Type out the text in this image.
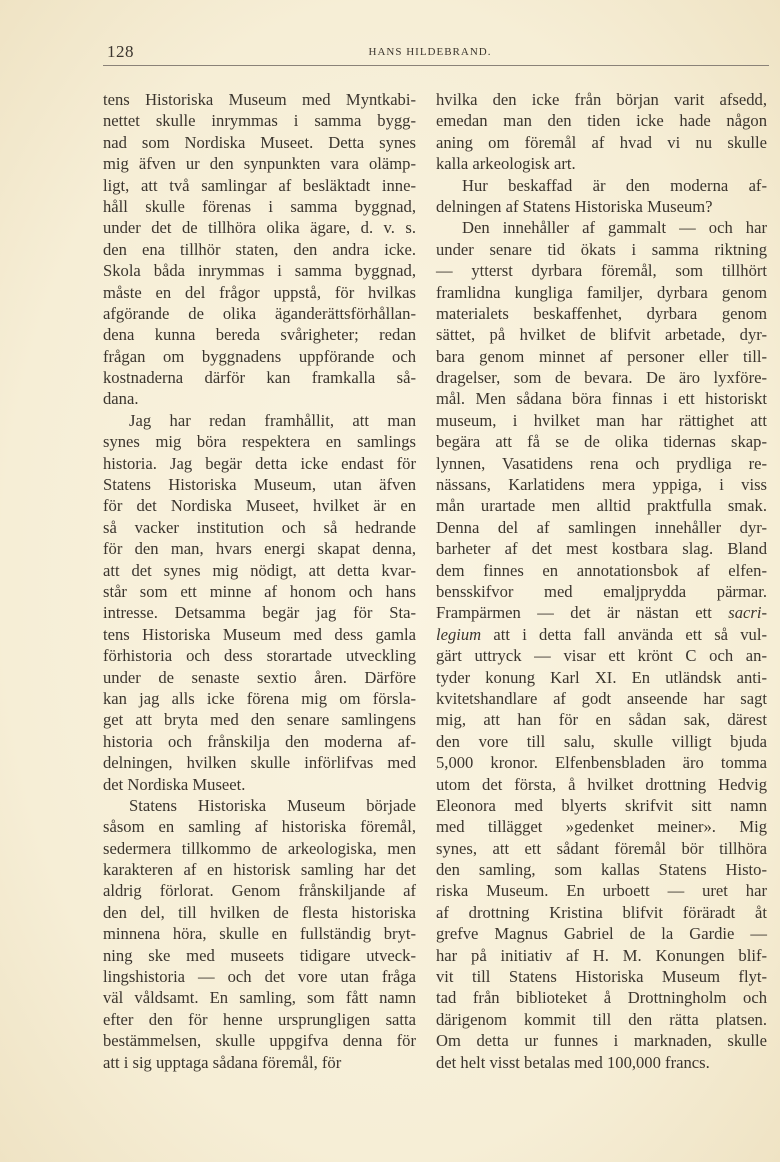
128	HANS HILDEBRAND.
tens Historiska Museum med Myntkabi-
nettet skulle inrymmas i samma bygg-
nad som Nordiska Museet. Detta synes
mig äfven ur den synpunkten vara olämp-
ligt, att två samlingar af besläktadt inne-
håll skulle förenas i samma byggnad,
under det de tillhöra olika ägare, d. v. s.
den ena tillhör staten, den andra icke.
Skola båda inrymmas i samma byggnad,
måste en del frågor uppstå, för hvilkas
afgörande de olika äganderättsförhållan-
dena kunna bereda svårigheter; redan
frågan om byggnadens uppförande och
kostnaderna därför kan framkalla så-
dana.
Jag har redan framhållit, att man
synes mig böra respektera en samlings
historia. Jag begär detta icke endast för
Statens Historiska Museum, utan äfven
för det Nordiska Museet, hvilket är en
så vacker institution och så hedrande
för den man, hvars energi skapat denna,
att det synes mig nödigt, att detta kvar-
står som ett minne af honom och hans
intresse. Detsamma begär jag för Sta-
tens Historiska Museum med dess gamla
förhistoria och dess storartade utveckling
under de senaste sextio åren. Därföre
kan jag alls icke förena mig om försla-
get att bryta med den senare samlingens
historia och frånskilja den moderna af-
delningen, hvilken skulle införlifvas med
det Nordiska Museet.
Statens Historiska Museum började
såsom en samling af historiska föremål,
sedermera tillkommo de arkeologiska, men
karakteren af en historisk samling har det
aldrig förlorat. Genom frånskiljande af
den del, till hvilken de flesta historiska
minnena höra, skulle en fullständig bryt-
ning ske med museets tidigare utveck-
lingshistoria — och det vore utan fråga
väl våldsamt. En samling, som fått namn
efter den för henne ursprungligen satta
bestämmelsen, skulle uppgifva denna för
att i sig upptaga sådana föremål, för
hvilka den icke från början varit afsedd,
emedan man den tiden icke hade någon
aning om föremål af hvad vi nu skulle
kalla arkeologisk art.
Hur beskaffad är den moderna af-
delningen af Statens Historiska Museum?
Den innehåller af gammalt — och har
under senare tid ökats i samma riktning
— ytterst dyrbara föremål, som tillhört
framlidna kungliga familjer, dyrbara genom
materialets beskaffenhet, dyrbara genom
sättet, på hvilket de blifvit arbetade, dyr-
bara genom minnet af personer eller till-
dragelser, som de bevara. De äro lyxföre-
mål. Men sådana böra finnas i ett historiskt
museum, i hvilket man har rättighet att
begära att få se de olika tidernas skap-
lynnen, Vasatidens rena och prydliga re-
nässans, Karlatidens mera yppiga, i viss
mån urartade men alltid praktfulla smak.
Denna del af samlingen innehåller dyr-
barheter af det mest kostbara slag. Bland
dem finnes en annotationsbok af elfen-
bensskifvor med emaljprydda pärmar.
Frampärmen — det är nästan ett sacri-
legium att i detta fall använda ett så vul-
gärt uttryck — visar ett krönt C och an-
tyder konung Karl XI. En utländsk anti-
kvitetshandlare af godt anseende har sagt
mig, att han för en sådan sak, därest
den vore till salu, skulle villigt bjuda
5,000 kronor. Elfenbensbladen äro tomma
utom det första, å hvilket drottning Hedvig
Eleonora med blyerts skrifvit sitt namn
med tillägget »gedenket meiner». Mig
synes, att ett sådant föremål bör tillhöra
den samling, som kallas Statens Histo-
riska Museum. En urboett — uret har
af drottning Kristina blifvit föräradt åt
grefve Magnus Gabriel de la Gardie —
har på initiativ af H. M. Konungen blif-
vit till Statens Historiska Museum flyt-
tad från biblioteket å Drottningholm och
därigenom kommit till den rätta platsen.
Om detta ur funnes i marknaden, skulle
det helt visst betalas med 100,000 francs.
